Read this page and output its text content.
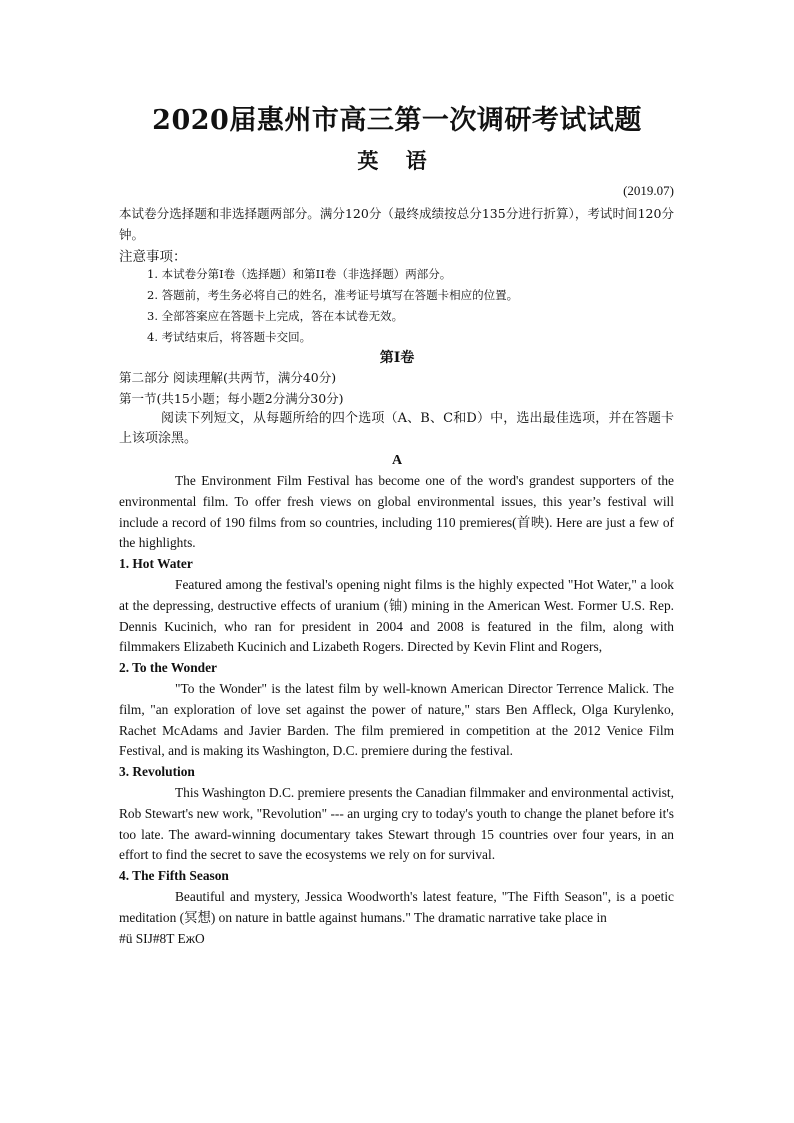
2020届惠州市高三第一次调研考试试题
英 语
(2019.07)
本试卷分选择题和非选择题两部分。满分120分（最终成绩按总分135分进行折算），考试时间120分钟。
注意事项：
1. 本试卷分第I卷（选择题）和第II卷（非选择题）两部分。
2. 答题前，考生务必将自己的姓名，准考证号填写在答题卡相应的位置。
3. 全部答案应在答题卡上完成，答在本试卷无效。
4. 考试结束后，将答题卡交回。
第I卷
第二部分 阅读理解(共两节，满分40分)
第一节(共15小题；每小题2分满分30分)
阅读下列短文，从每题所给的四个选项（A、B、C和D）中，选出最佳选项，并在答题卡上该项涂黑。
A

The Environment Film Festival has become one of the word's grandest supporters of the environmental film. To offer fresh views on global environmental issues, this year’s festival will include a record of 190 films from so countries, including 110 premieres(首映). Here are just a few of the highlights.

1. Hot Water

Featured among the festival's opening night films is the highly expected "Hot Water," a look at the depressing, destructive effects of uranium (铀) mining in the American West. Former U.S. Rep. Dennis Kucinich, who ran for president in 2004 and 2008 is featured in the film, along with filmmakers Elizabeth Kucinich and Lizabeth Rogers. Directed by Kevin Flint and Rogers,

2. To the Wonder

"To the Wonder" is the latest film by well-known American Director Terrence Malick. The film, "an exploration of love set against the power of nature," stars Ben Affleck, Olga Kurylenko, Rachet McAdams and Javier Barden. The film premiered in competition at the 2012 Venice Film Festival, and is making its Washington, D.C. premiere during the festival.

3. Revolution

This Washington D.C. premiere presents the Canadian filmmaker and environmental activist, Rob Stewart's new work, "Revolution" --- an urging cry to today's youth to change the planet before it's too late. The award-winning documentary takes Stewart through 15 countries over four years, in an effort to find the secret to save the ecosystems we rely on for survival.

4. The Fifth Season

Beautiful and mystery, Jessica Woodworth's latest feature, "The Fifth Season", is a poetic meditation (冥想) on nature in battle against humans." The dramatic narrative take place in

#ü SIJ#8T EжO
